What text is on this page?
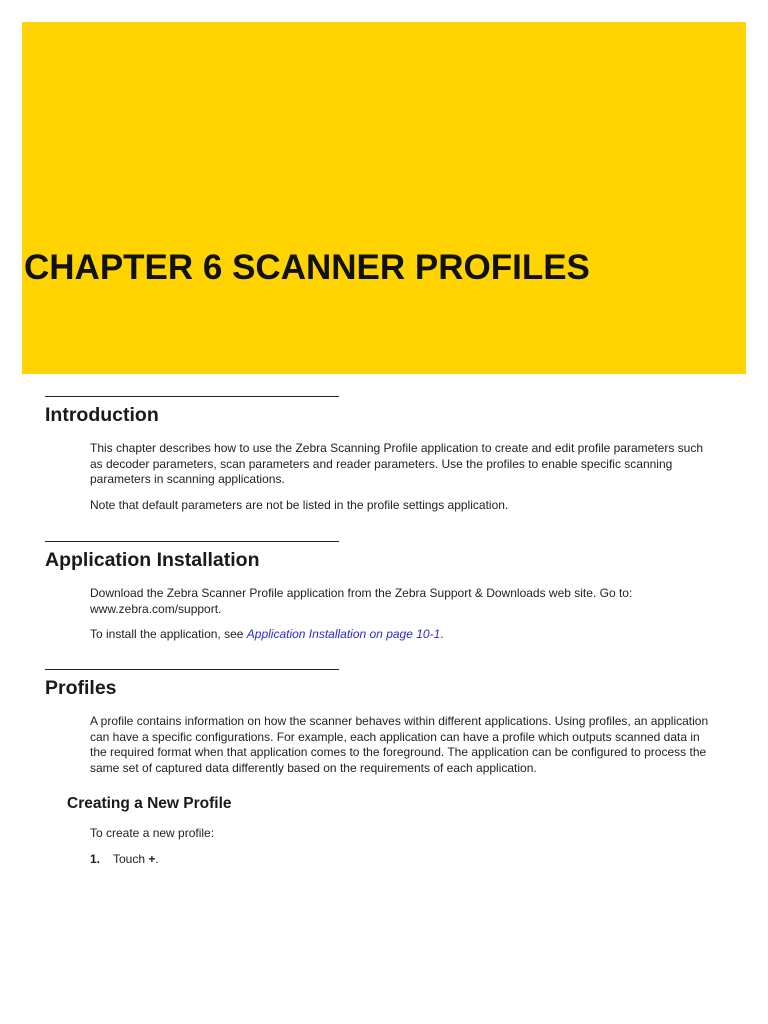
CHAPTER 6 SCANNER PROFILES
Introduction

This chapter describes how to use the Zebra Scanning Profile application to create and edit profile parameters such as decoder parameters, scan parameters and reader parameters. Use the profiles to enable specific scanning parameters in scanning applications.

Note that default parameters are not be listed in the profile settings application.

Application Installation

Download the Zebra Scanner Profile application from the Zebra Support & Downloads web site. Go to: www.zebra.com/support.

To install the application, see Application Installation on page 10-1.

Profiles

A profile contains information on how the scanner behaves within different applications. Using profiles, an application can have a specific configurations. For example, each application can have a profile which outputs scanned data in the required format when that application comes to the foreground. The application can be configured to process the same set of captured data differently based on the requirements of each application.

Creating a New Profile

To create a new profile:

1.	Touch +.
